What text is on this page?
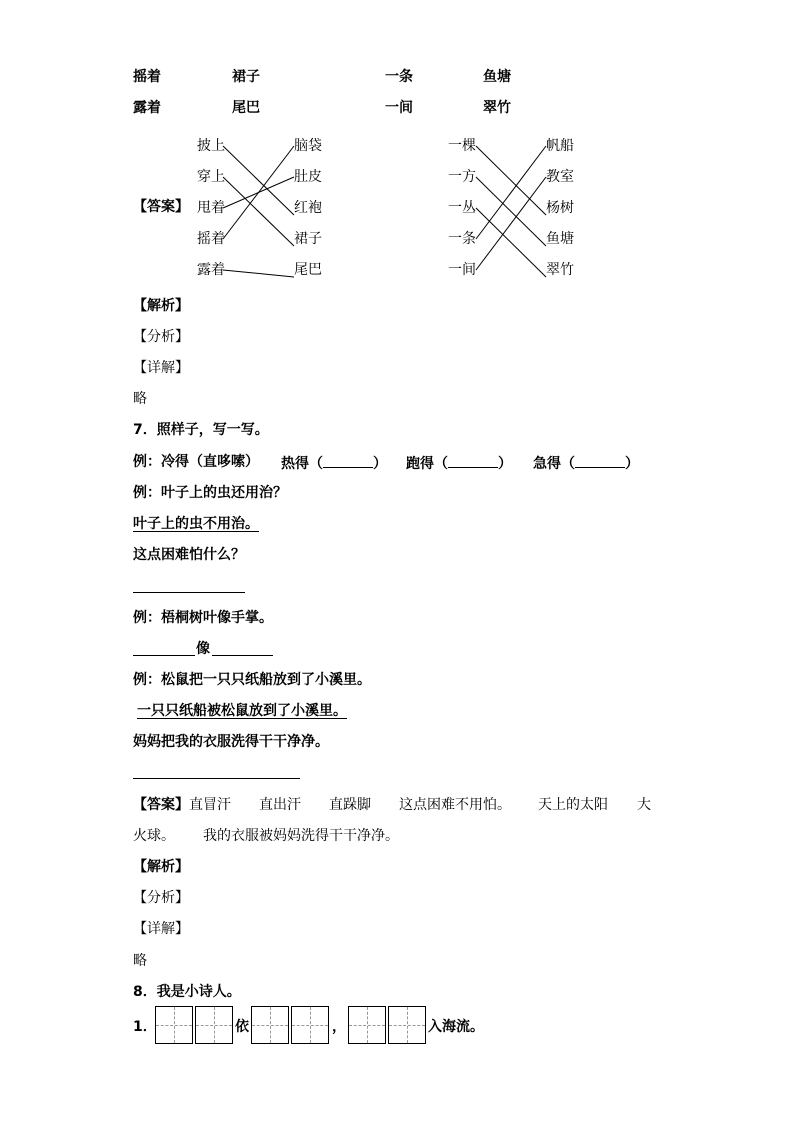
摇着	裙子	一条	鱼塘
露着	尾巴	一间	翠竹
【答案】
披上
穿上
甩着
摇着
露着
脑袋
肚皮
红袍
裙子
尾巴
一棵
一方
一丛
一条
一间
帆船
教室
杨树
鱼塘
翠竹
【解析】
【分析】
【详解】
略
7．照样子，写一写。
例：冷得（直哆嗦） 热得（	） 跑得（	） 急得（	）
例：叶子上的虫还用治？
叶子上的虫不用治。
这点困难怕什么？
例：梧桐树叶像手掌。
像
例：松鼠把一只只纸船放到了小溪里。
一只只纸船被松鼠放到了小溪里。
妈妈把我的衣服洗得干干净净。
【答案】 直冒汗 直出汗 直跺脚 这点困难不用怕。 天上的太阳 大
火球。 我的衣服被妈妈洗得干干净净。
【解析】
【分析】
【详解】
略
8．我是小诗人。
1．	依	，	入海流。
